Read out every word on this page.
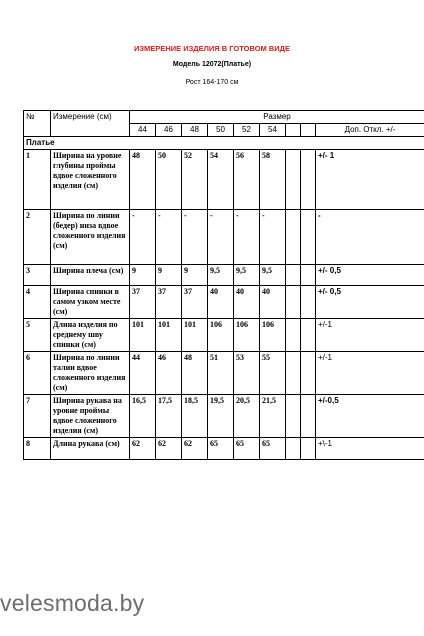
ИЗМЕРЕНИЕ ИЗДЕЛИЯ В ГОТОВОМ ВИДЕ
Модель 12072(Платье)
Рост 164-170 см
№	Измерение (см)	Размер								
		44	46	48	50	52	54			Доп. Откл. +/-
Платье										
1	Ширина на уровне глубины проймы вдвое сложенного изделия (см)	48	50	52	54	56	58			+/- 1
2	Ширина по линии (бедер) низа вдвое сложенного изделия (см)	-	-	-	-	-	-			-
3	Ширина плеча (см)	9	9	9	9,5	9,5	9,5			+/- 0,5
4	Ширина спинки в самом узком месте (см)	37	37	37	40	40	40			+/- 0,5
5	Длина изделия по среднему шву спинки (см)	101	101	101	106	106	106			+/-1
6	Ширина по линии талии вдвое сложенного изделия (см)	44	46	48	51	53	55			+/-1
7	Ширина рукава на уровне проймы вдвое сложенного изделия (см)	16,5	17,5	18,5	19,5	20,5	21,5			+/-0,5
8	Длина рукава (см)	62	62	62	65	65	65			+\-1
velesmoda.by
